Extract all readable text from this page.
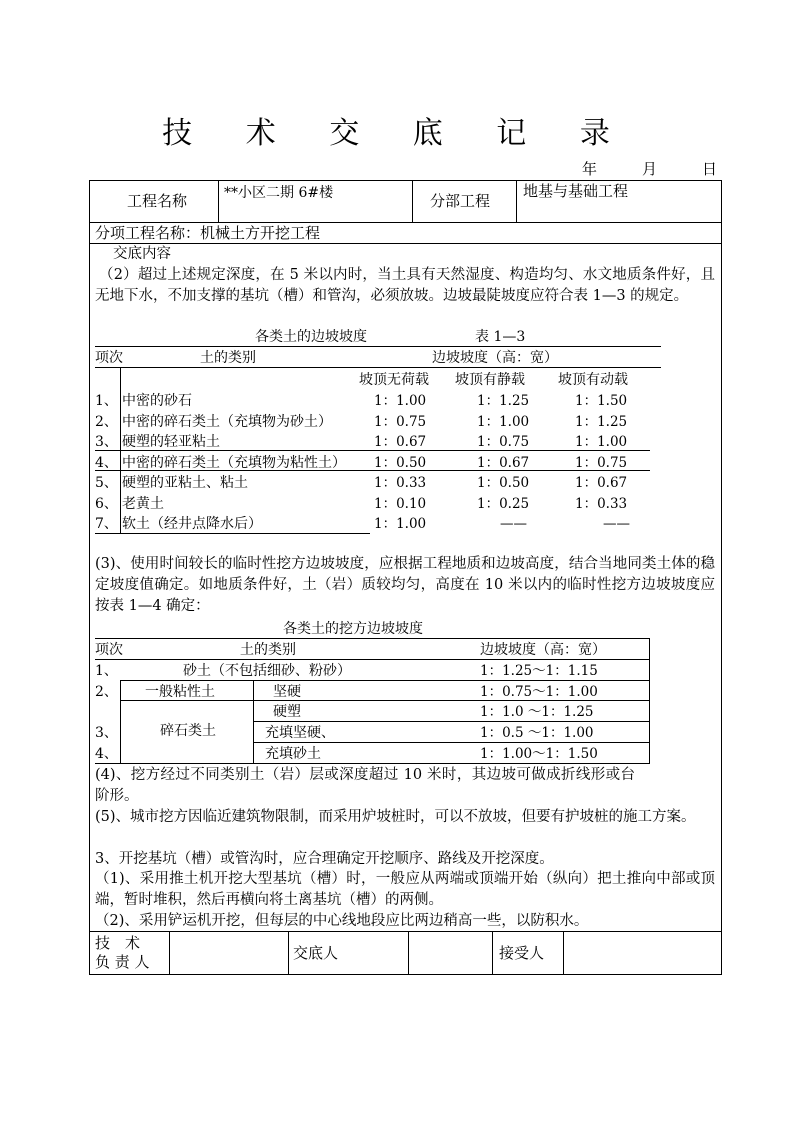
技 术 交 底 记 录
年	月	日
工程名称	**小区二期 6#楼	分部工程
地基与基础工程
分项工程名称：机械土方开挖工程
交底内容
（2）超过上述规定深度，在 5 米以内时，当土具有天然湿度、构造均匀、水文地质条件好，且无地下水，不加支撑的基坑（槽）和管沟，必须放坡。边坡最陡坡度应符合表 1—3 的规定。
各类土的边坡坡度	表 1—3
项次	土的类别	边坡坡度（高：宽）
坡顶无荷载 坡顶有静载 坡顶有动载
1、 中密的砂石	1：1.00	1：1.25	1：1.50
2、 中密的碎石类土（充填物为砂土）	1：0.75	1：1.00	1：1.25
3、 硬塑的轻亚粘土	1：0.67	1：0.75	1：1.00
4、 中密的碎石类土（充填物为粘性土） 1：0.50	1：0.67	1：0.75
5、 硬塑的亚粘土、粘土	1：0.33	1：0.50	1：0.67
6、 老黄土	1：0.10	1：0.25	1：0.33
7、 软土（经井点降水后）	1：1.00	——	——
(3)、使用时间较长的临时性挖方边坡坡度，应根据工程地质和边坡高度，结合当地同类土体的稳定坡度值确定。如地质条件好，土（岩）质较均匀，高度在 10 米以内的临时性挖方边坡坡度应按表 1—4 确定：
各类土的挖方边坡坡度
项次	土的类别	边坡坡度（高：宽）
1、	砂土（不包括细砂、粉砂）	1：1.25～1：1.15
2、 一般粘性土	坚硬	1：0.75～1：1.00
硬塑	1：1.0 ～1：1.25
3、	碎石类土	充填坚硬、	1：0.5 ～1：1.00
4、	充填砂土	1：1.00～1：1.50
(4)、挖方经过不同类别土（岩）层或深度超过 10 米时，其边坡可做成折线形或台阶形。
(5)、城市挖方因临近建筑物限制，而采用炉坡桩时，可以不放坡，但要有护坡桩的施工方案。
3、开挖基坑（槽）或管沟时，应合理确定开挖顺序、路线及开挖深度。
（1)、采用推土机开挖大型基坑（槽）时，一般应从两端或顶端开始（纵向）把土推向中部或顶端，暂时堆积，然后再横向将土离基坑（槽）的两侧。
（2)、采用铲运机开挖，但每层的中心线地段应比两边稍高一些，以防积水。
技　术
负 责 人	交底人	接受人
